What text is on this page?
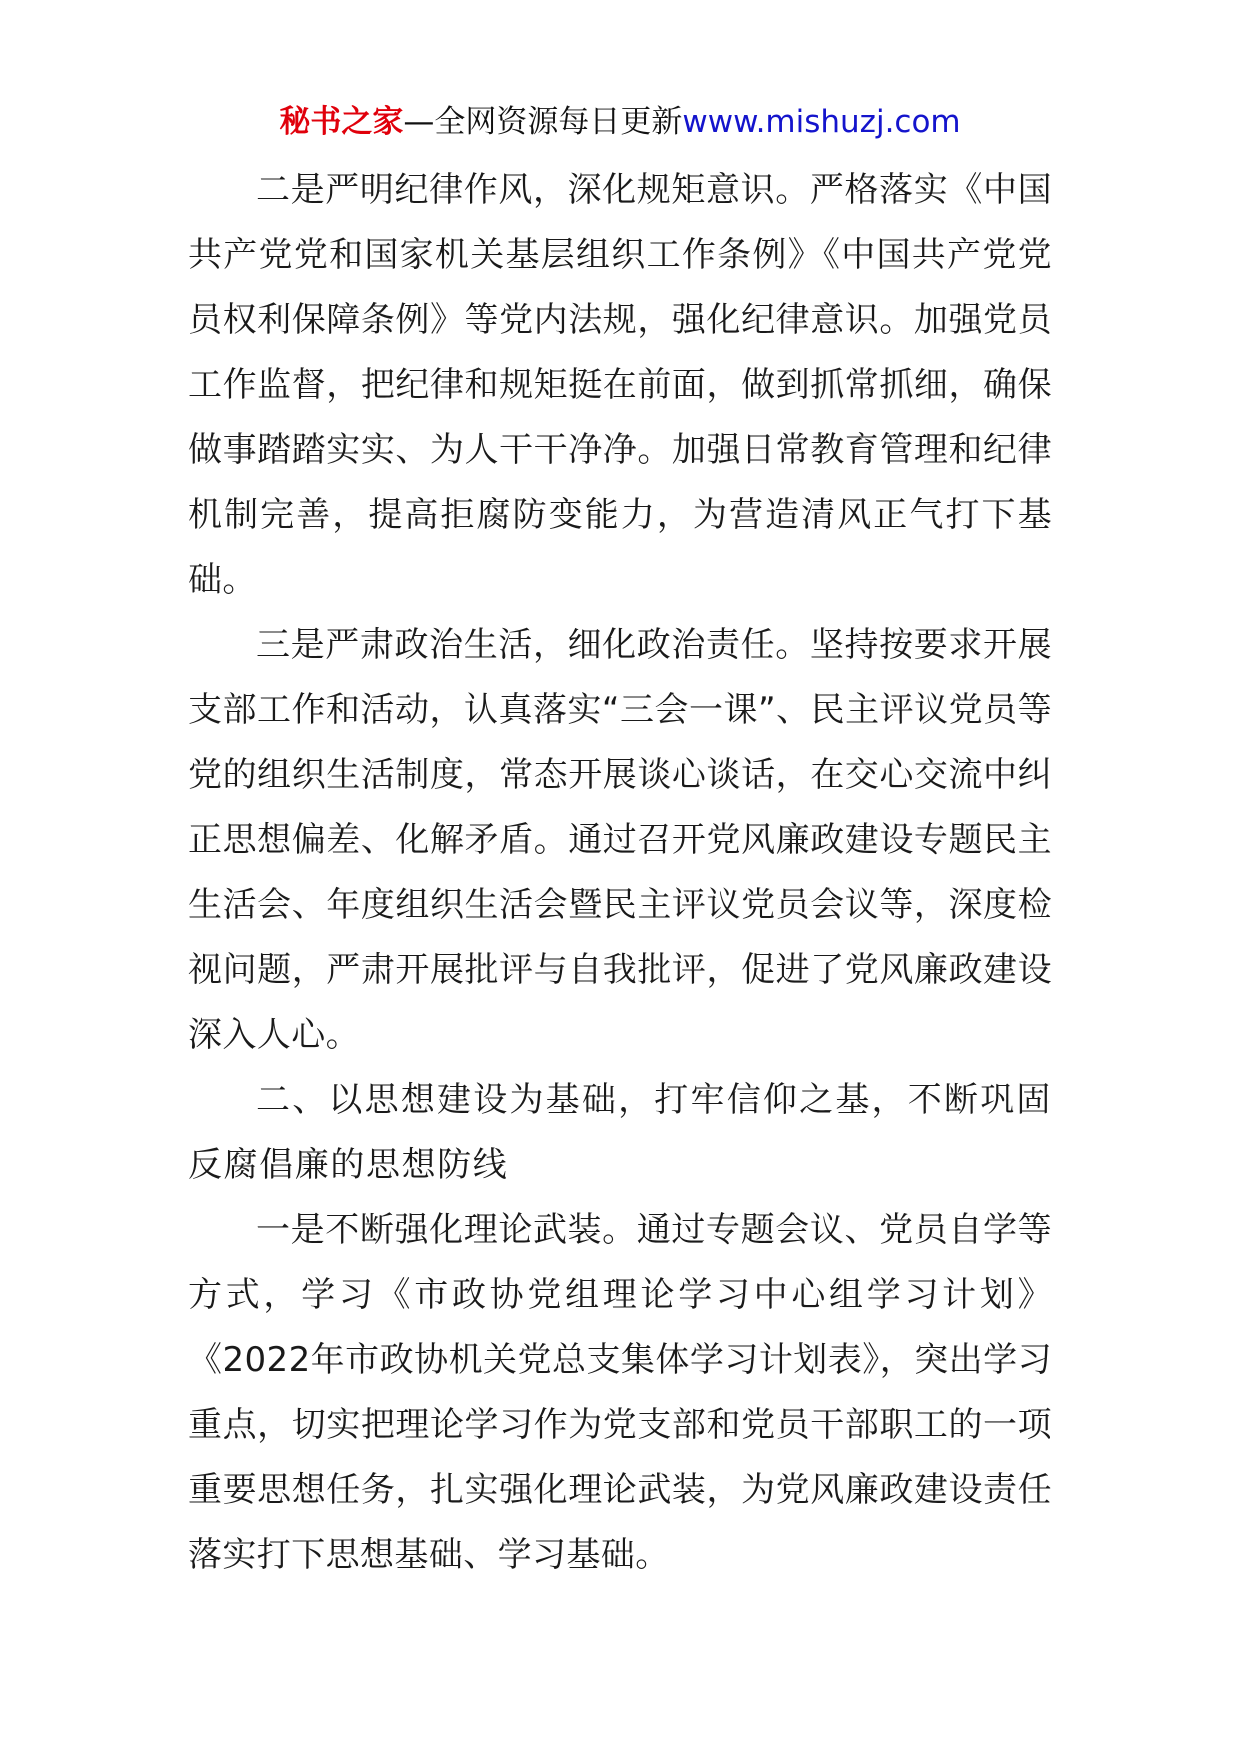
秘书之家—全网资源每日更新www.mishuzj.com

二是严明纪律作风，深化规矩意识。严格落实《中国共产党党和国家机关基层组织工作条例》《中国共产党党员权利保障条例》等党内法规，强化纪律意识。加强党员工作监督，把纪律和规矩挺在前面，做到抓常抓细，确保做事踏踏实实、为人干干净净。加强日常教育管理和纪律机制完善，提高拒腐防变能力，为营造清风正气打下基础。

三是严肃政治生活，细化政治责任。坚持按要求开展支部工作和活动，认真落实“三会一课”、民主评议党员等党的组织生活制度，常态开展谈心谈话，在交心交流中纠正思想偏差、化解矛盾。通过召开党风廉政建设专题民主生活会、年度组织生活会暨民主评议党员会议等，深度检视问题，严肃开展批评与自我批评，促进了党风廉政建设深入人心。

二、以思想建设为基础，打牢信仰之基，不断巩固反腐倡廉的思想防线

一是不断强化理论武装。通过专题会议、党员自学等方式，学习《市政协党组理论学习中心组学习计划》《2022年市政协机关党总支集体学习计划表》，突出学习重点，切实把理论学习作为党支部和党员干部职工的一项重要思想任务，扎实强化理论武装，为党风廉政建设责任落实打下思想基础、学习基础。
